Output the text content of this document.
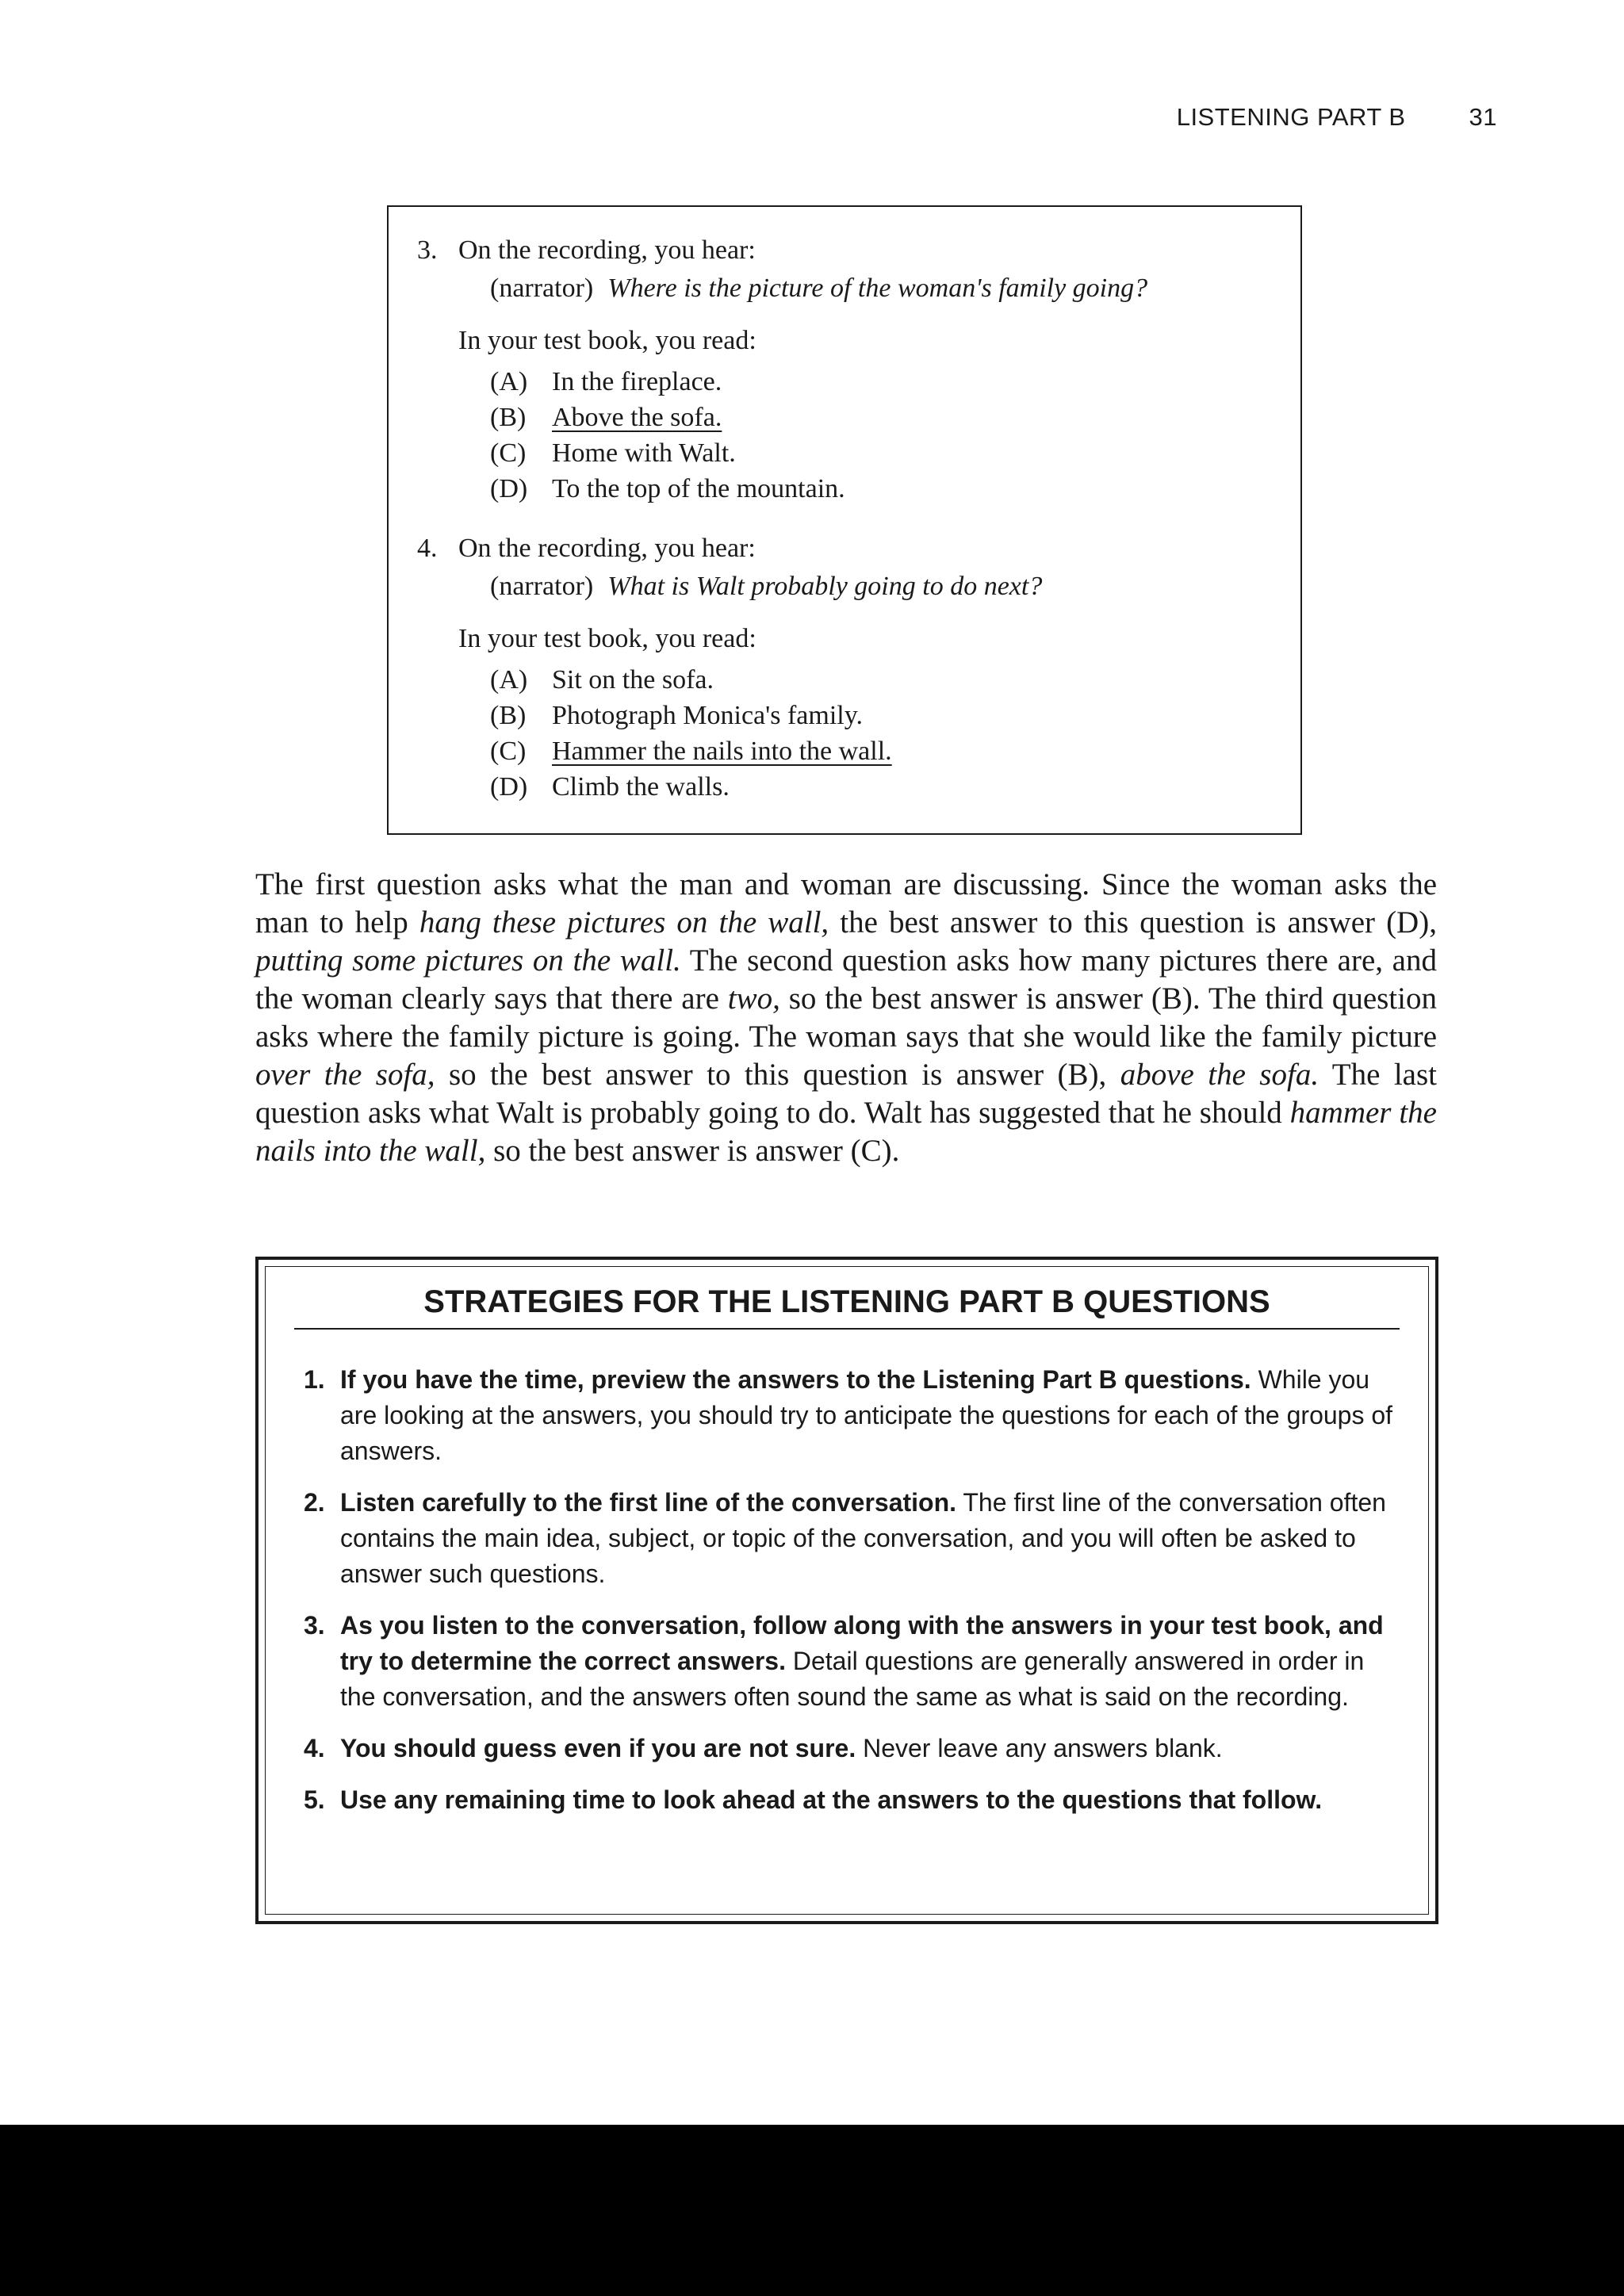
LISTENING PART B	31
3. On the recording, you hear:
(narrator) Where is the picture of the woman's family going?
In your test book, you read:
(A) In the fireplace.
(B) Above the sofa.
(C) Home with Walt.
(D) To the top of the mountain.
4. On the recording, you hear:
(narrator) What is Walt probably going to do next?
In your test book, you read:
(A) Sit on the sofa.
(B) Photograph Monica's family.
(C) Hammer the nails into the wall.
(D) Climb the walls.

The first question asks what the man and woman are discussing. Since the woman asks the man to help hang these pictures on the wall, the best answer to this question is answer (D), putting some pictures on the wall. The second question asks how many pictures there are, and the woman clearly says that there are two, so the best answer is answer (B). The third question asks where the family picture is going. The woman says that she would like the family picture over the sofa, so the best answer to this question is answer (B), above the sofa. The last question asks what Walt is probably going to do. Walt has suggested that he should hammer the nails into the wall, so the best answer is answer (C).

STRATEGIES FOR THE LISTENING PART B QUESTIONS
1. If you have the time, preview the answers to the Listening Part B questions. While you are looking at the answers, you should try to anticipate the questions for each of the groups of answers.
2. Listen carefully to the first line of the conversation. The first line of the conversation often contains the main idea, subject, or topic of the conversation, and you will often be asked to answer such questions.
3. As you listen to the conversation, follow along with the answers in your test book, and try to determine the correct answers. Detail questions are generally answered in order in the conversation, and the answers often sound the same as what is said on the recording.
4. You should guess even if you are not sure. Never leave any answers blank.
5. Use any remaining time to look ahead at the answers to the questions that follow.
